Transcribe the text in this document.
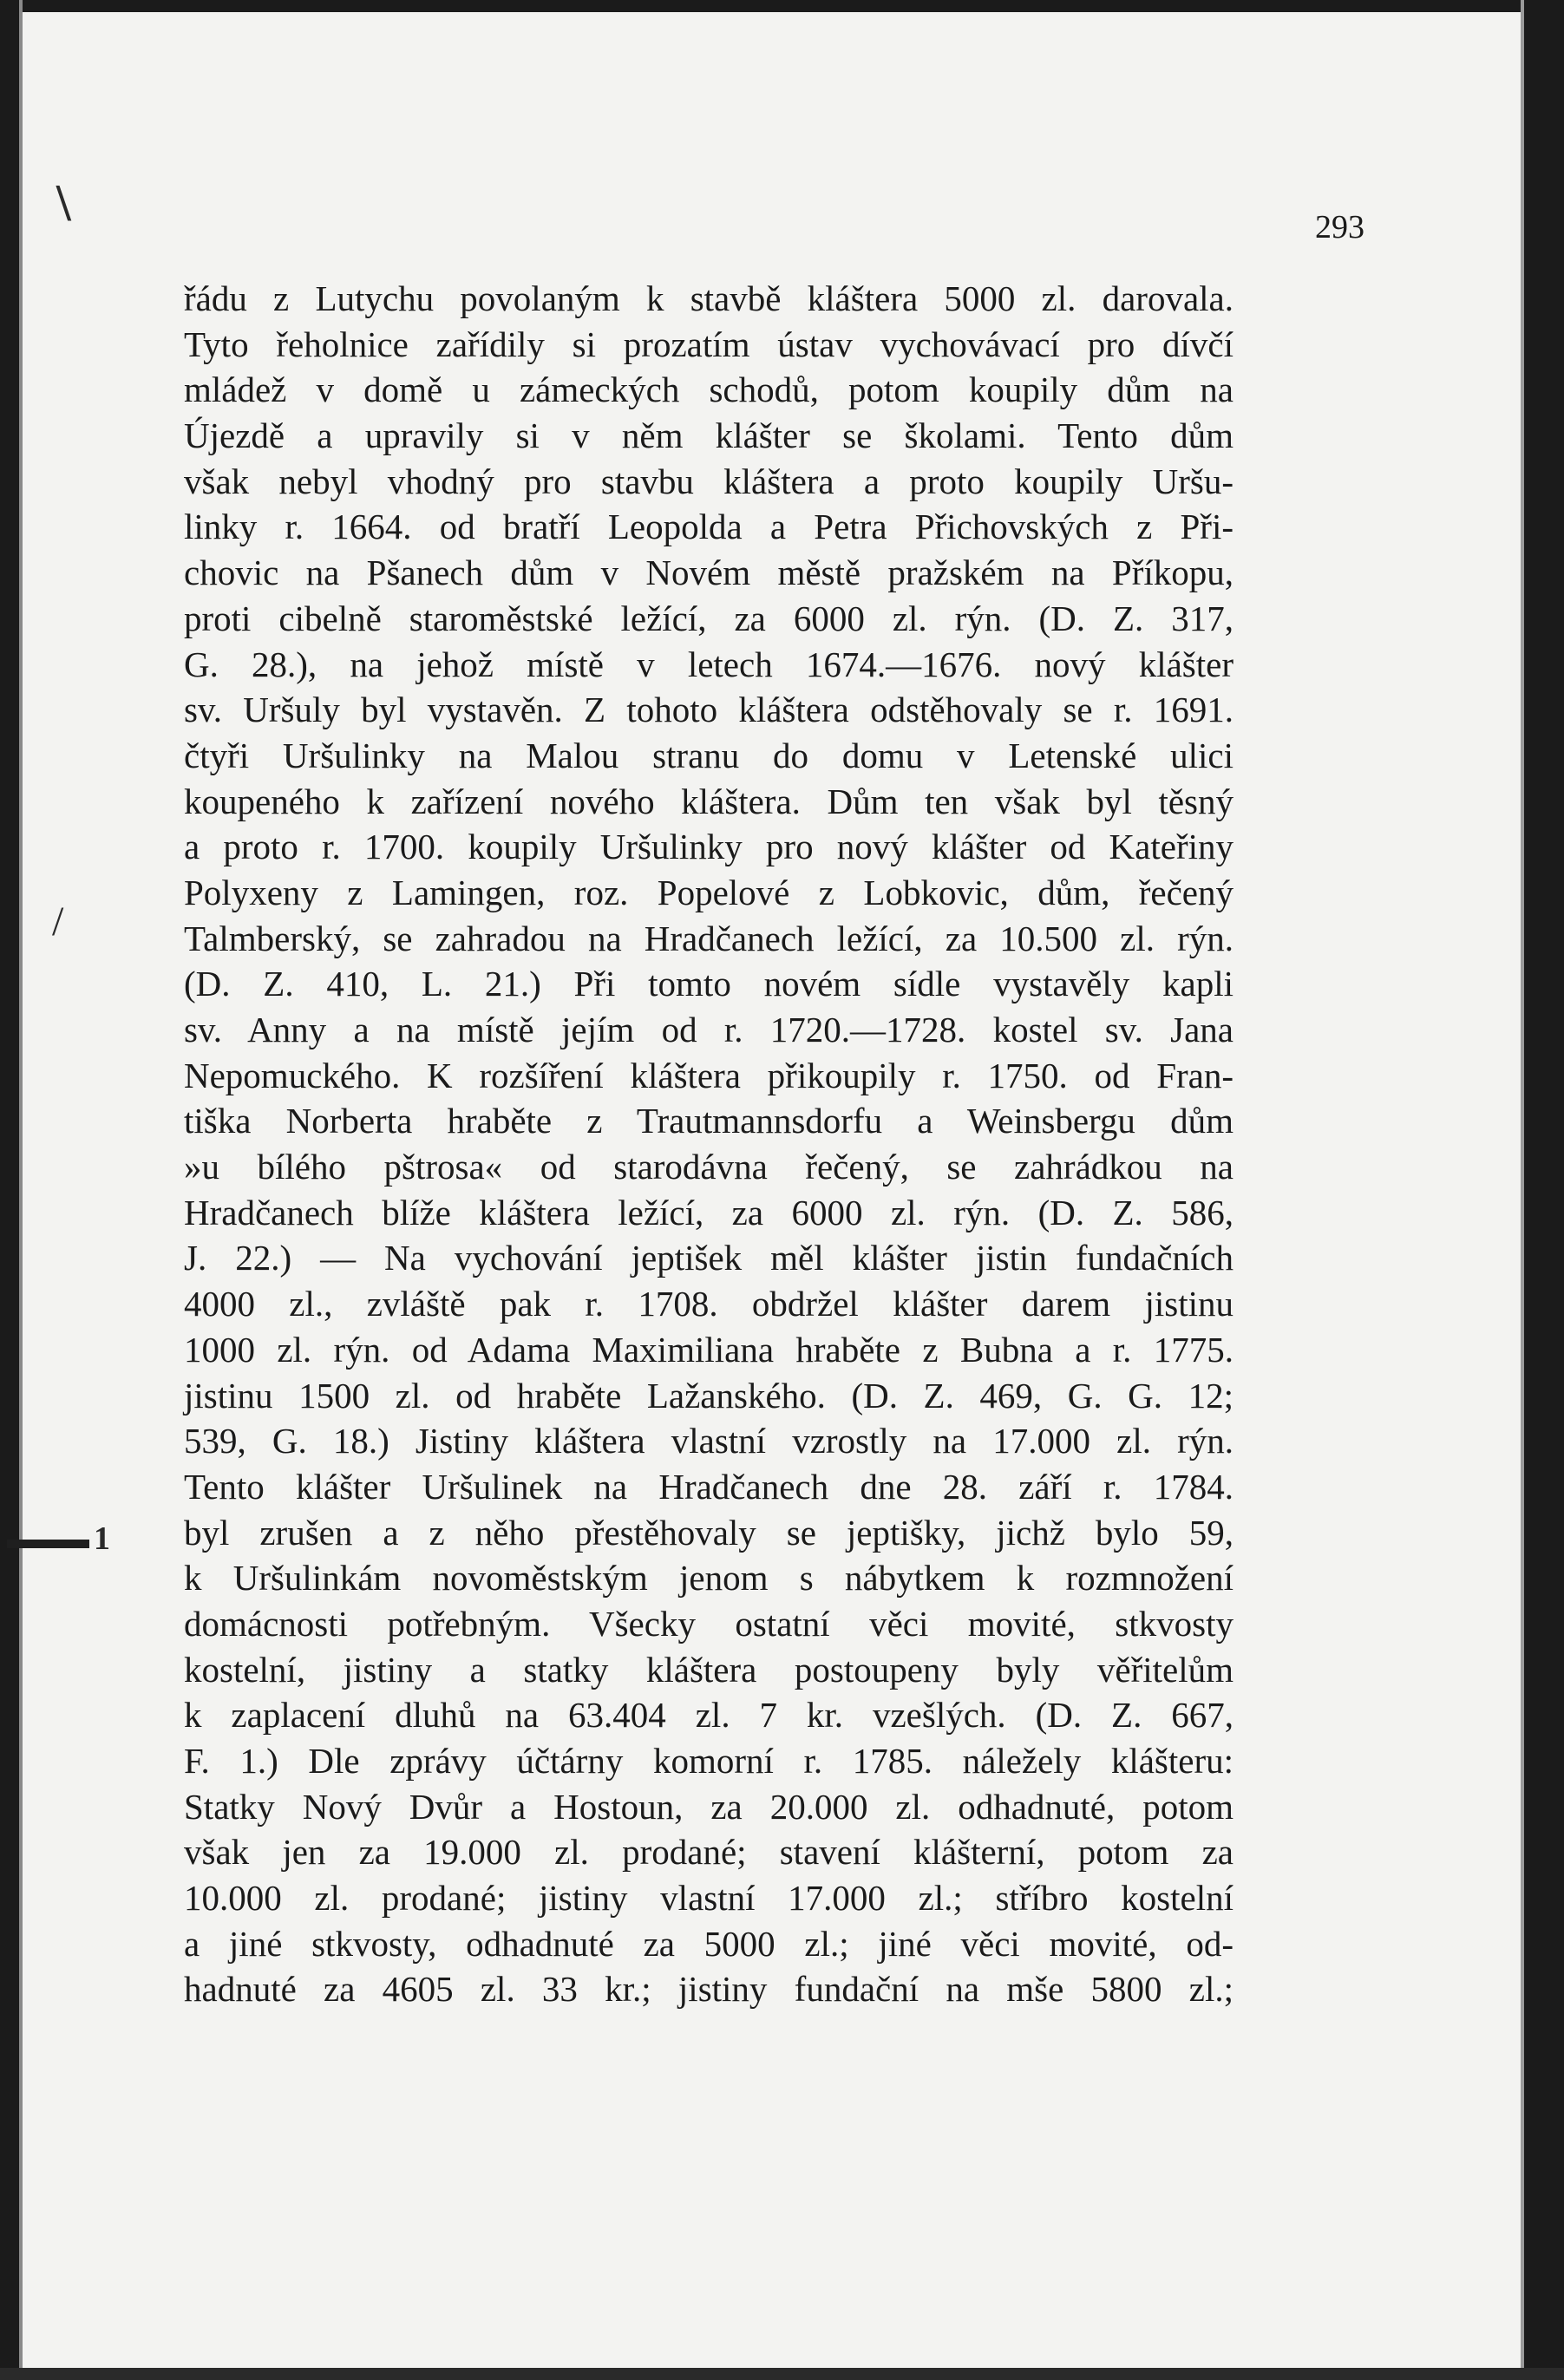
\
/
1
293
řádu z Lutychu povolaným k stavbě kláštera 5000 zl. darovala.
Tyto řeholnice zařídily si prozatím ústav vychovávací pro dívčí
mládež v domě u zámeckých schodů, potom koupily dům na
Újezdě a upravily si v něm klášter se školami. Tento dům
však nebyl vhodný pro stavbu kláštera a proto koupily Uršu-
linky r. 1664. od bratří Leopolda a Petra Přichovských z Při-
chovic na Pšanech dům v Novém městě pražském na Příkopu,
proti cibelně staroměstské ležící, za 6000 zl. rýn. (D. Z. 317,
G. 28.), na jehož místě v letech 1674.—1676. nový klášter
sv. Uršuly byl vystavěn. Z tohoto kláštera odstěhovaly se r. 1691.
čtyři Uršulinky na Malou stranu do domu v Letenské ulici
koupeného k zařízení nového kláštera. Dům ten však byl těsný
a proto r. 1700. koupily Uršulinky pro nový klášter od Kateřiny
Polyxeny z Lamingen, roz. Popelové z Lobkovic, dům, řečený
Talmberský, se zahradou na Hradčanech ležící, za 10.500 zl. rýn.
(D. Z. 410, L. 21.) Při tomto novém sídle vystavěly kapli
sv. Anny a na místě jejím od r. 1720.—1728. kostel sv. Jana
Nepomuckého. K rozšíření kláštera přikoupily r. 1750. od Fran-
tiška Norberta hraběte z Trautmannsdorfu a Weinsbergu dům
»u bílého pštrosa« od starodávna řečený, se zahrádkou na
Hradčanech blíže kláštera ležící, za 6000 zl. rýn. (D. Z. 586,
J. 22.) — Na vychování jeptišek měl klášter jistin fundačních
4000 zl., zvláště pak r. 1708. obdržel klášter darem jistinu
1000 zl. rýn. od Adama Maximiliana hraběte z Bubna a r. 1775.
jistinu 1500 zl. od hraběte Lažanského. (D. Z. 469, G. G. 12;
539, G. 18.) Jistiny kláštera vlastní vzrostly na 17.000 zl. rýn.
Tento klášter Uršulinek na Hradčanech dne 28. září r. 1784.
byl zrušen a z něho přestěhovaly se jeptišky, jichž bylo 59,
k Uršulinkám novoměstským jenom s nábytkem k rozmnožení
domácnosti potřebným. Všecky ostatní věci movité, stkvosty
kostelní, jistiny a statky kláštera postoupeny byly věřitelům
k zaplacení dluhů na 63.404 zl. 7 kr. vzešlých. (D. Z. 667,
F. 1.) Dle zprávy účtárny komorní r. 1785. náležely klášteru:
Statky Nový Dvůr a Hostoun, za 20.000 zl. odhadnuté, potom
však jen za 19.000 zl. prodané; stavení klášterní, potom za
10.000 zl. prodané; jistiny vlastní 17.000 zl.; stříbro kostelní
a jiné stkvosty, odhadnuté za 5000 zl.; jiné věci movité, od-
hadnuté za 4605 zl. 33 kr.; jistiny fundační na mše 5800 zl.;
